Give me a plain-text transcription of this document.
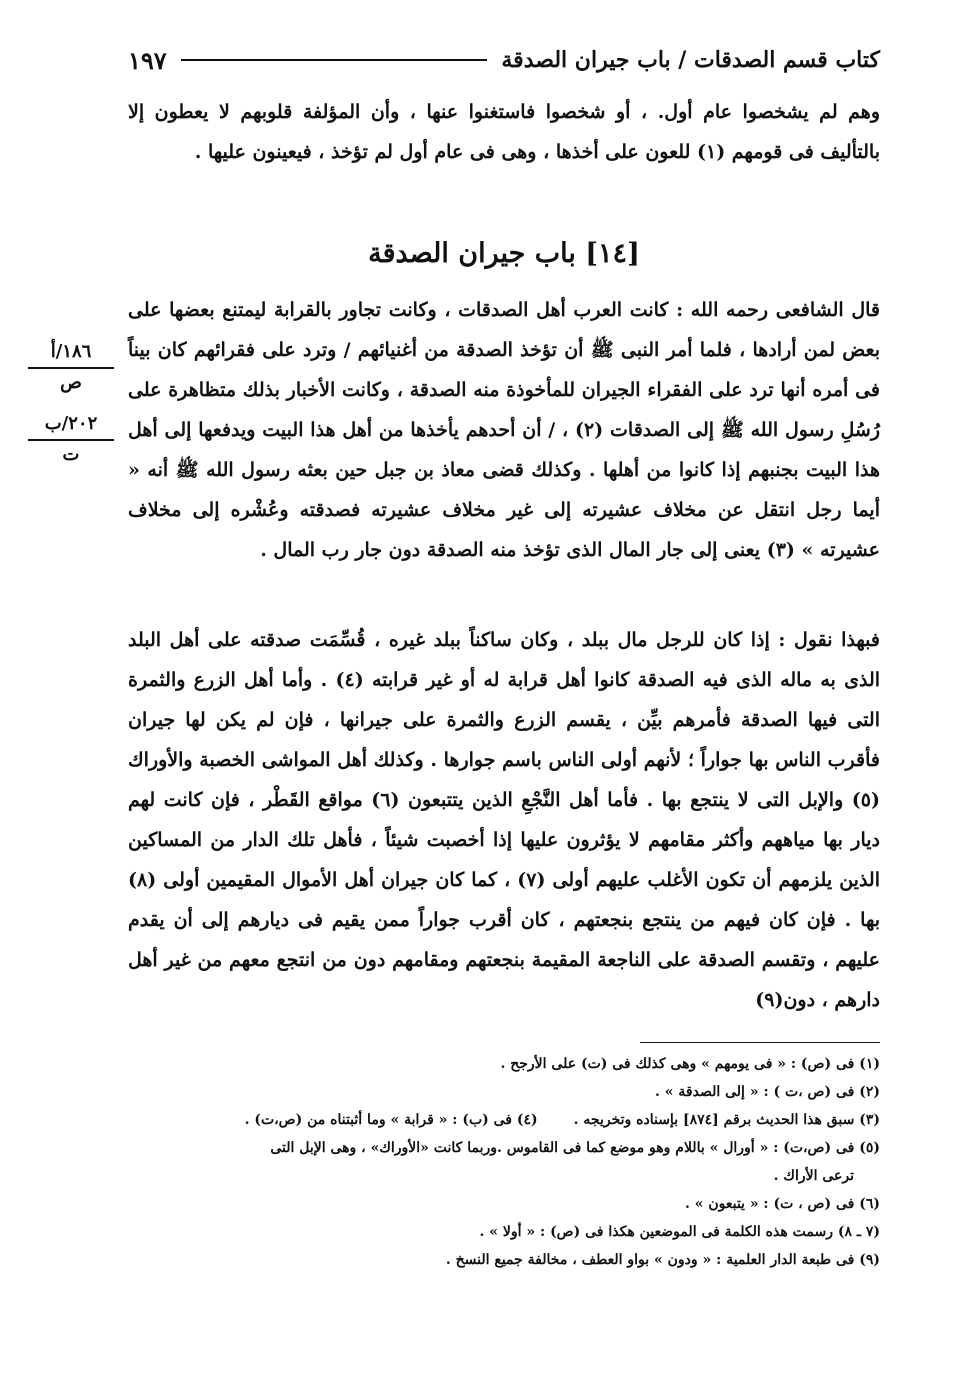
كتاب قسم الصدقات / باب جيران الصدقة
١٩٧
وهم لم يشخصوا عام أول. ، أو شخصوا فاستغنوا عنها ، وأن المؤلفة قلوبهم لا يعطون إلا بالتأليف فى قومهم (١) للعون على أخذها ، وهى فى عام أول لم تؤخذ ، فيعينون عليها .
[١٤] باب جيران الصدقة
قال الشافعى رحمه الله : كانت العرب أهل الصدقات ، وكانت تجاور بالقرابة ليمتنع بعضها على بعض لمن أرادها ، فلما أمر النبى ﷺ أن تؤخذ الصدقة من أغنيائهم / وترد على فقرائهم كان بيناً فى أمره أنها ترد على الفقراء الجيران للمأخوذة منه الصدقة ، وكانت الأخبار بذلك متظاهرة على رُسُلِ رسول الله ﷺ إلى الصدقات (٢) ، / أن أحدهم يأخذها من أهل هذا البيت ويدفعها إلى أهل هذا البيت بجنبهم إذا كانوا من أهلها . وكذلك قضى معاذ بن جبل حين بعثه رسول الله ﷺ أنه « أيما رجل انتقل عن مخلاف عشيرته إلى غير مخلاف عشيرته فصدقته وعُشْره إلى مخلاف عشيرته » (٣) يعنى إلى جار المال الذى تؤخذ منه الصدقة دون جار رب المال .
فبهذا نقول : إذا كان للرجل مال ببلد ، وكان ساكناً ببلد غيره ، قُسِّمَت صدقته على أهل البلد الذى به ماله الذى فيه الصدقة كانوا أهل قرابة له أو غير قرابته (٤) . وأما أهل الزرع والثمرة التى فيها الصدقة فأمرهم بيِّن ، يقسم الزرع والثمرة على جيرانها ، فإن لم يكن لها جيران فأقرب الناس بها جواراً ؛ لأنهم أولى الناس باسم جوارها . وكذلك أهل المواشى الخصبة والأوراك (٥) والإبل التى لا ينتجع بها . فأما أهل النَّجْعِ الذين يتتبعون (٦) مواقع القَطْر ، فإن كانت لهم ديار بها مياههم وأكثر مقامهم لا يؤثرون عليها إذا أخصبت شيئاً ، فأهل تلك الدار من المساكين الذين يلزمهم أن تكون الأغلب عليهم أولى (٧) ، كما كان جيران أهل الأموال المقيمين أولى (٨) بها . فإن كان فيهم من ينتجع بنجعتهم ، كان أقرب جواراً ممن يقيم فى ديارهم إلى أن يقدم عليهم ، وتقسم الصدقة على الناجعة المقيمة بنجعتهم ومقامهم دون من انتجع معهم من غير أهل دارهم ، دون(٩)
١٨٦/أ
ص
٢٠٢/ب
ت
(١) فى (ص) : « فى يومهم » وهى كذلك فى (ت) على الأرجح .
(٢) فى (ص ،ت ) : « إلى الصدقة » .
(٣) سبق هذا الحديث برقم [٨٧٤] بإسناده وتخريجه .
(٤) فى (ب) : « قرابة » وما أثبتناه من (ص،ت) .
(٥) فى (ص،ت) : « أورال » باللام وهو موضع كما فى القاموس .وربما كانت «الأوراك» ، وهى الإبل التى
ترعى الأراك .
(٦) فى (ص ، ت) : « يتبعون » .
(٧ ـ ٨) رسمت هذه الكلمة فى الموضعين هكذا فى (ص) : « أولا » .
(٩) فى طبعة الدار العلمية : « ودون » بواو العطف ، مخالفة جميع النسخ .
